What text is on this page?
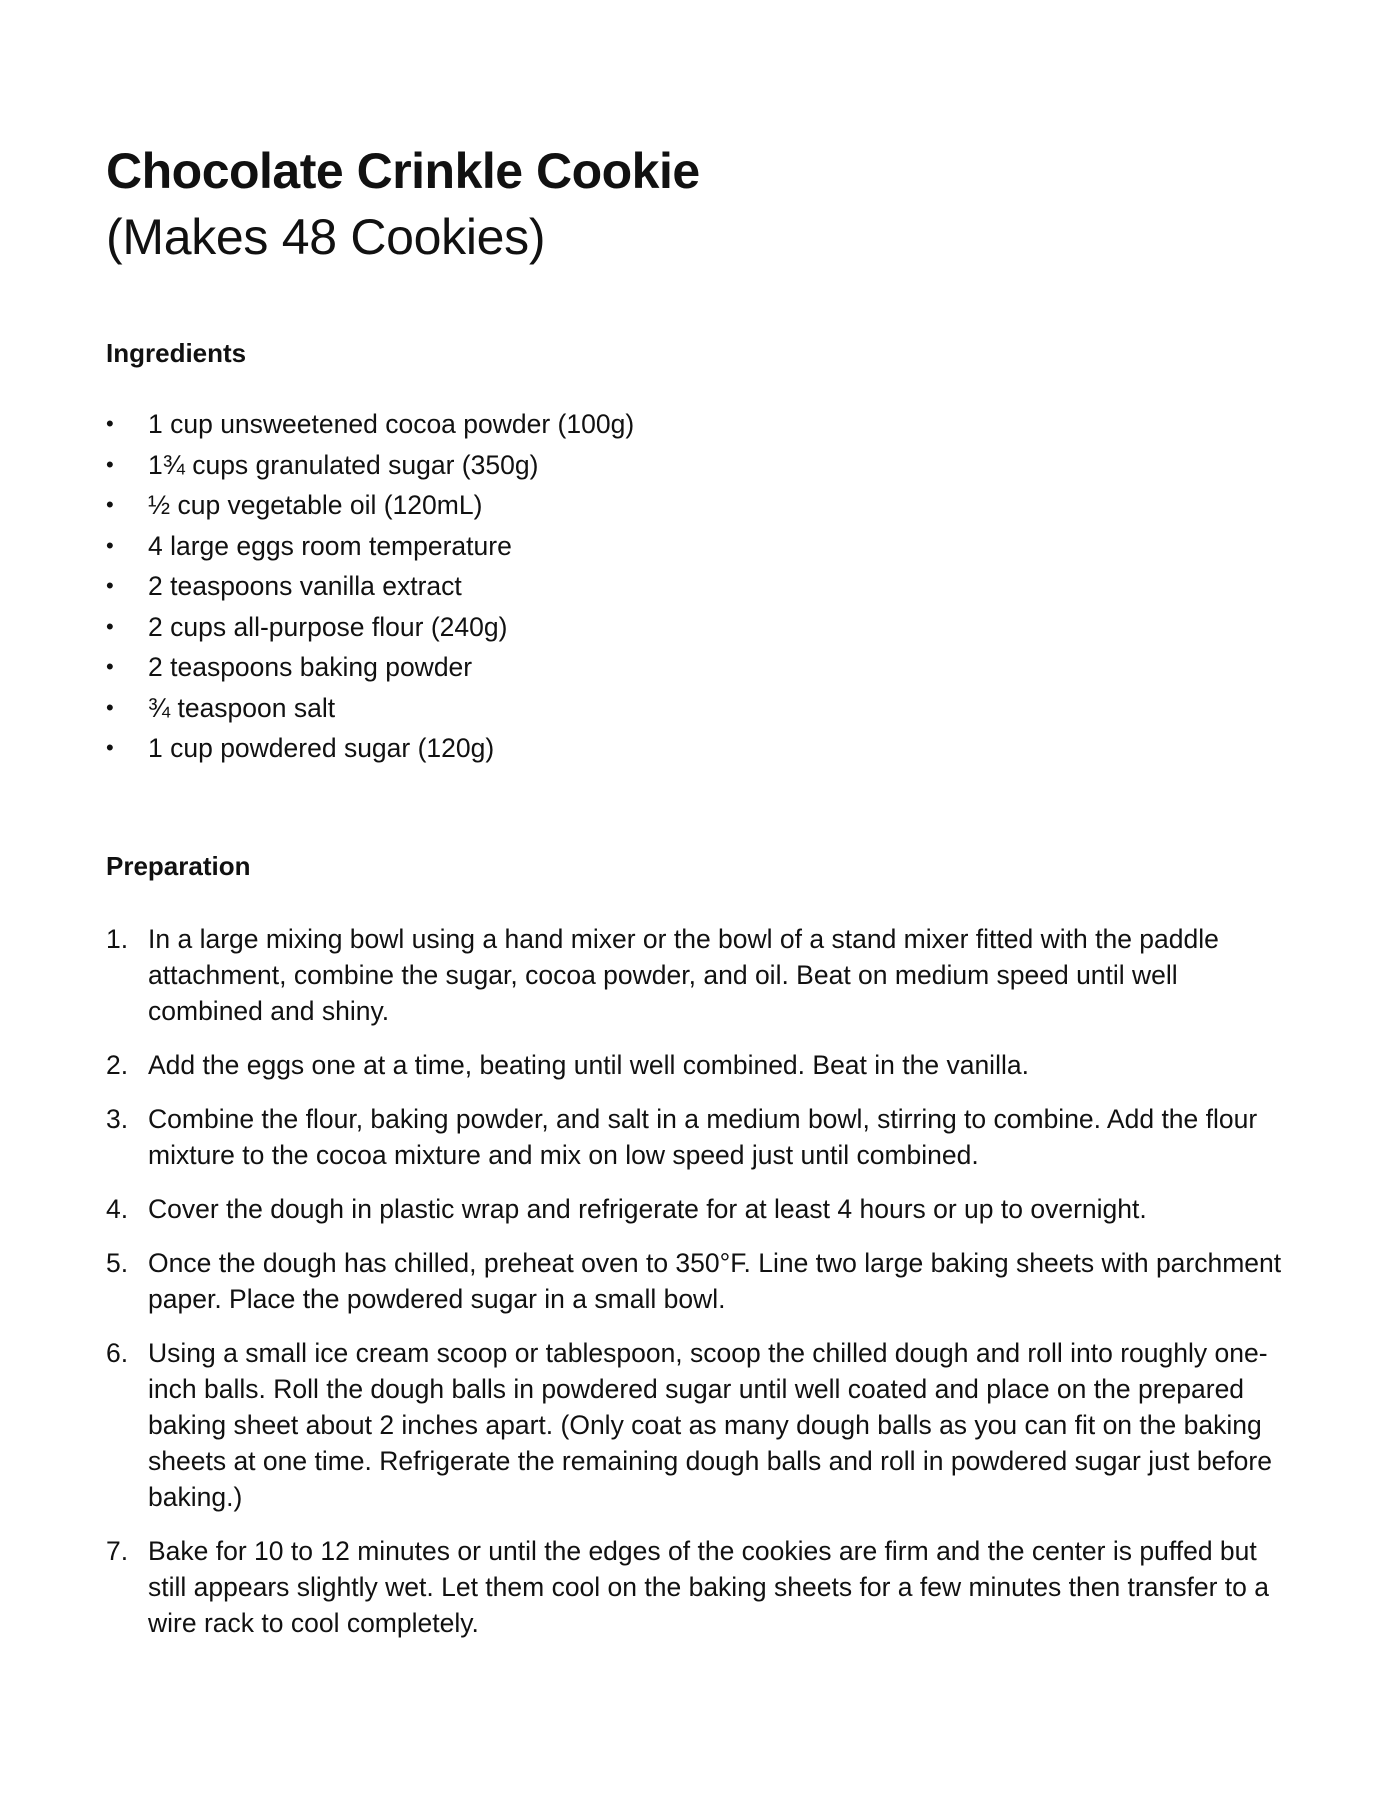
Chocolate Crinkle Cookie
(Makes 48 Cookies)
Ingredients
• 1 cup unsweetened cocoa powder (100g)
• 1¾ cups granulated sugar (350g)
• ½ cup vegetable oil (120mL)
• 4 large eggs room temperature
• 2 teaspoons vanilla extract
• 2 cups all-purpose flour (240g)
• 2 teaspoons baking powder
• ¾ teaspoon salt
• 1 cup powdered sugar (120g)
Preparation
1. In a large mixing bowl using a hand mixer or the bowl of a stand mixer fitted with the paddle attachment, combine the sugar, cocoa powder, and oil. Beat on medium speed until well combined and shiny.
2. Add the eggs one at a time, beating until well combined. Beat in the vanilla.
3. Combine the flour, baking powder, and salt in a medium bowl, stirring to combine. Add the flour mixture to the cocoa mixture and mix on low speed just until combined.
4. Cover the dough in plastic wrap and refrigerate for at least 4 hours or up to overnight.
5. Once the dough has chilled, preheat oven to 350°F. Line two large baking sheets with parchment paper. Place the powdered sugar in a small bowl.
6. Using a small ice cream scoop or tablespoon, scoop the chilled dough and roll into roughly one-inch balls. Roll the dough balls in powdered sugar until well coated and place on the prepared baking sheet about 2 inches apart. (Only coat as many dough balls as you can fit on the baking sheets at one time. Refrigerate the remaining dough balls and roll in powdered sugar just before baking.)
7. Bake for 10 to 12 minutes or until the edges of the cookies are firm and the center is puffed but still appears slightly wet. Let them cool on the baking sheets for a few minutes then transfer to a wire rack to cool completely.
